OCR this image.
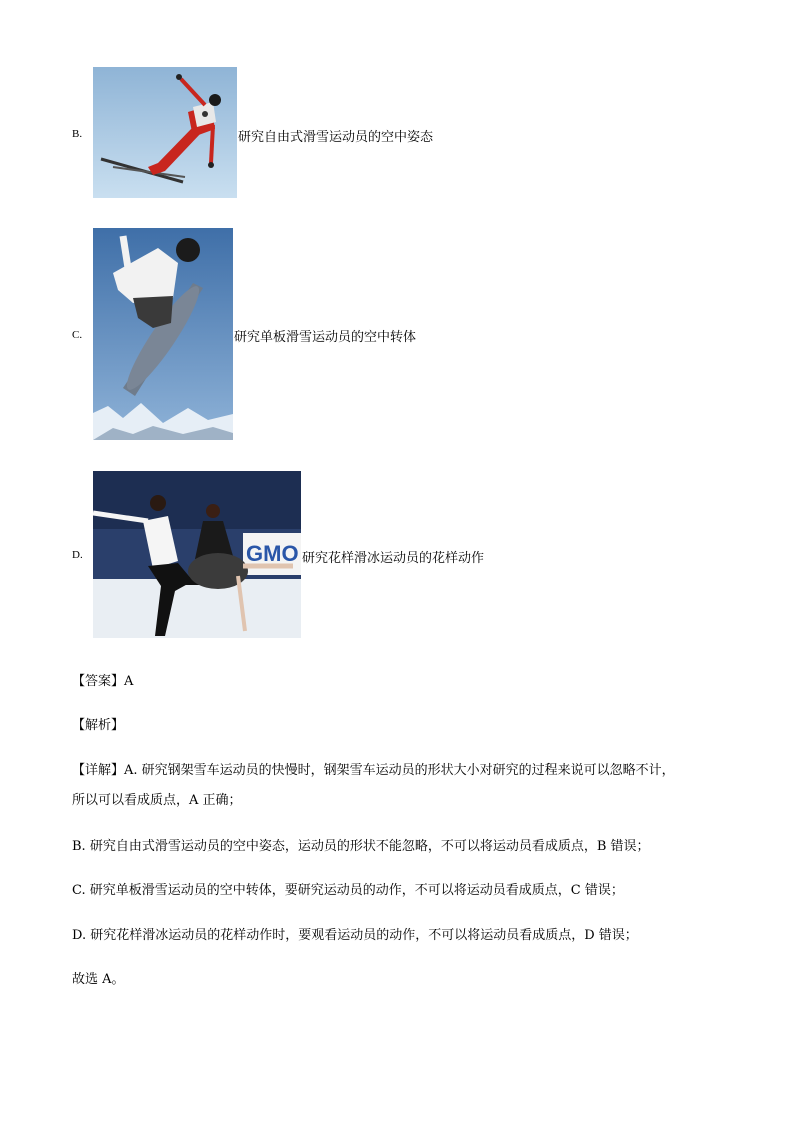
B.	研究自由式滑雪运动员的空中姿态
C.	研究单板滑雪运动员的空中转体
D.	GMO 研究花样滑冰运动员的花样动作
【答案】A
【解析】
【详解】A. 研究钢架雪车运动员的快慢时，钢架雪车运动员的形状大小对研究的过程来说可以忽略不计，
所以可以看成质点，A 正确；
B. 研究自由式滑雪运动员的空中姿态，运动员的形状不能忽略，不可以将运动员看成质点，B 错误；
C. 研究单板滑雪运动员的空中转体，要研究运动员的动作，不可以将运动员看成质点，C 错误；
D. 研究花样滑冰运动员的花样动作时，要观看运动员的动作，不可以将运动员看成质点，D 错误；
故选 A。
